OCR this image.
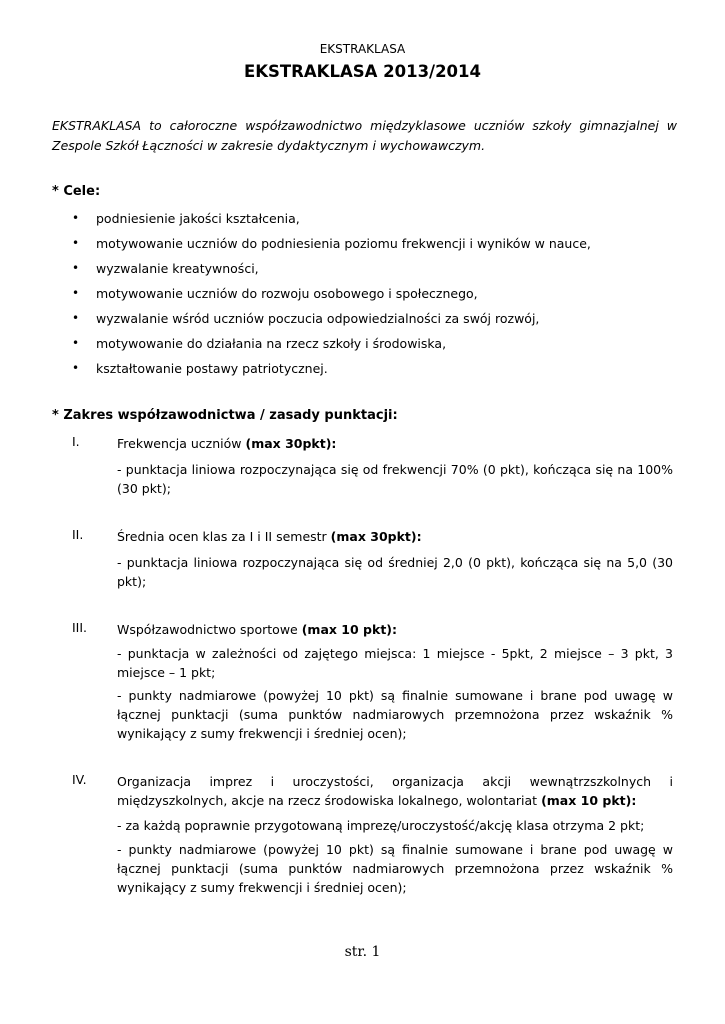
EKSTRAKLASA
EKSTRAKLASA 2013/2014
EKSTRAKLASA to całoroczne współzawodnictwo międzyklasowe uczniów szkoły gimnazjalnej w Zespole Szkół Łączności w zakresie dydaktycznym i wychowawczym.
* Cele:
• podniesienie jakości kształcenia,
• motywowanie uczniów do podniesienia poziomu frekwencji i wyników w nauce,
• wyzwalanie kreatywności,
• motywowanie uczniów do rozwoju osobowego i społecznego,
• wyzwalanie wśród uczniów poczucia odpowiedzialności za swój rozwój,
• motywowanie do działania na rzecz szkoły i środowiska,
• kształtowanie postawy patriotycznej.
* Zakres współzawodnictwa / zasady punktacji:
I.	Frekwencja uczniów (max 30pkt):
- punktacja liniowa rozpoczynająca się od frekwencji 70% (0 pkt), kończąca się na 100% (30 pkt);
II.	Średnia ocen klas za I i II semestr (max 30pkt):
- punktacja liniowa rozpoczynająca się od średniej 2,0 (0 pkt), kończąca się na 5,0 (30 pkt);
III. Współzawodnictwo sportowe (max 10 pkt):
- punktacja w zależności od zajętego miejsca: 1 miejsce - 5pkt, 2 miejsce – 3 pkt, 3 miejsce – 1 pkt;
- punkty nadmiarowe (powyżej 10 pkt) są finalnie sumowane i brane pod uwagę w łącznej punktacji (suma punktów nadmiarowych przemnożona przez wskaźnik % wynikający z sumy frekwencji i średniej ocen);
IV. Organizacja imprez i uroczystości, organizacja akcji wewnątrzszkolnych i międzyszkolnych, akcje na rzecz środowiska lokalnego, wolontariat (max 10 pkt):
- za każdą poprawnie przygotowaną imprezę/uroczystość/akcję klasa otrzyma 2 pkt;
- punkty nadmiarowe (powyżej 10 pkt) są finalnie sumowane i brane pod uwagę w łącznej punktacji (suma punktów nadmiarowych przemnożona przez wskaźnik % wynikający z sumy frekwencji i średniej ocen);
str. 1
